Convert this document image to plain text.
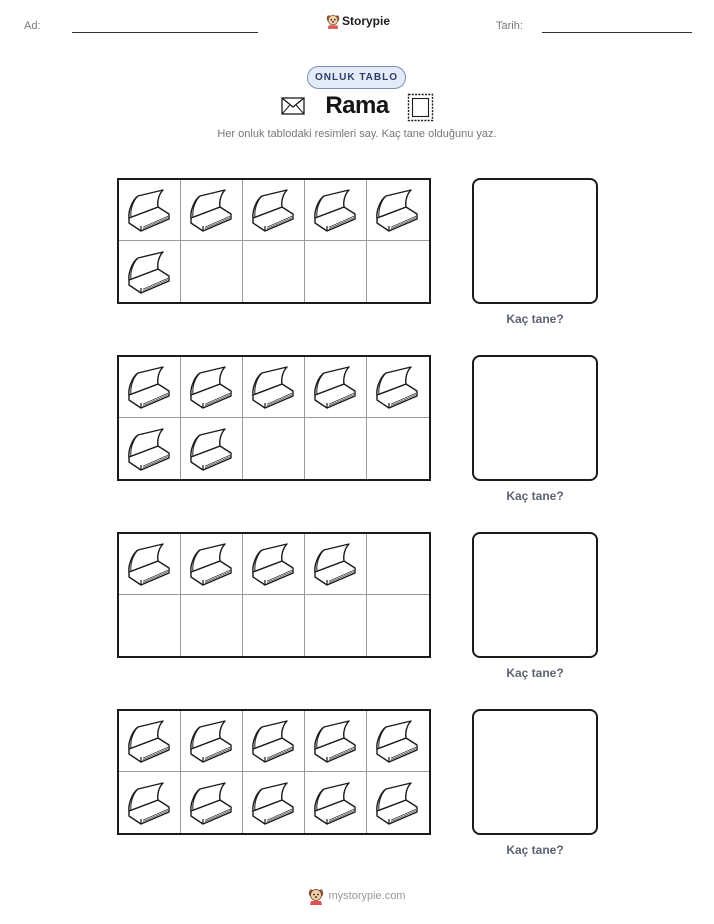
Ad:	Storypie	Tarih:
ONLUK TABLO
Rama
Her onluk tablodaki resimleri say. Kaç tane olduğunu yaz.
Kaç tane?
Kaç tane?
Kaç tane?
Kaç tane?
mystorypie.com
